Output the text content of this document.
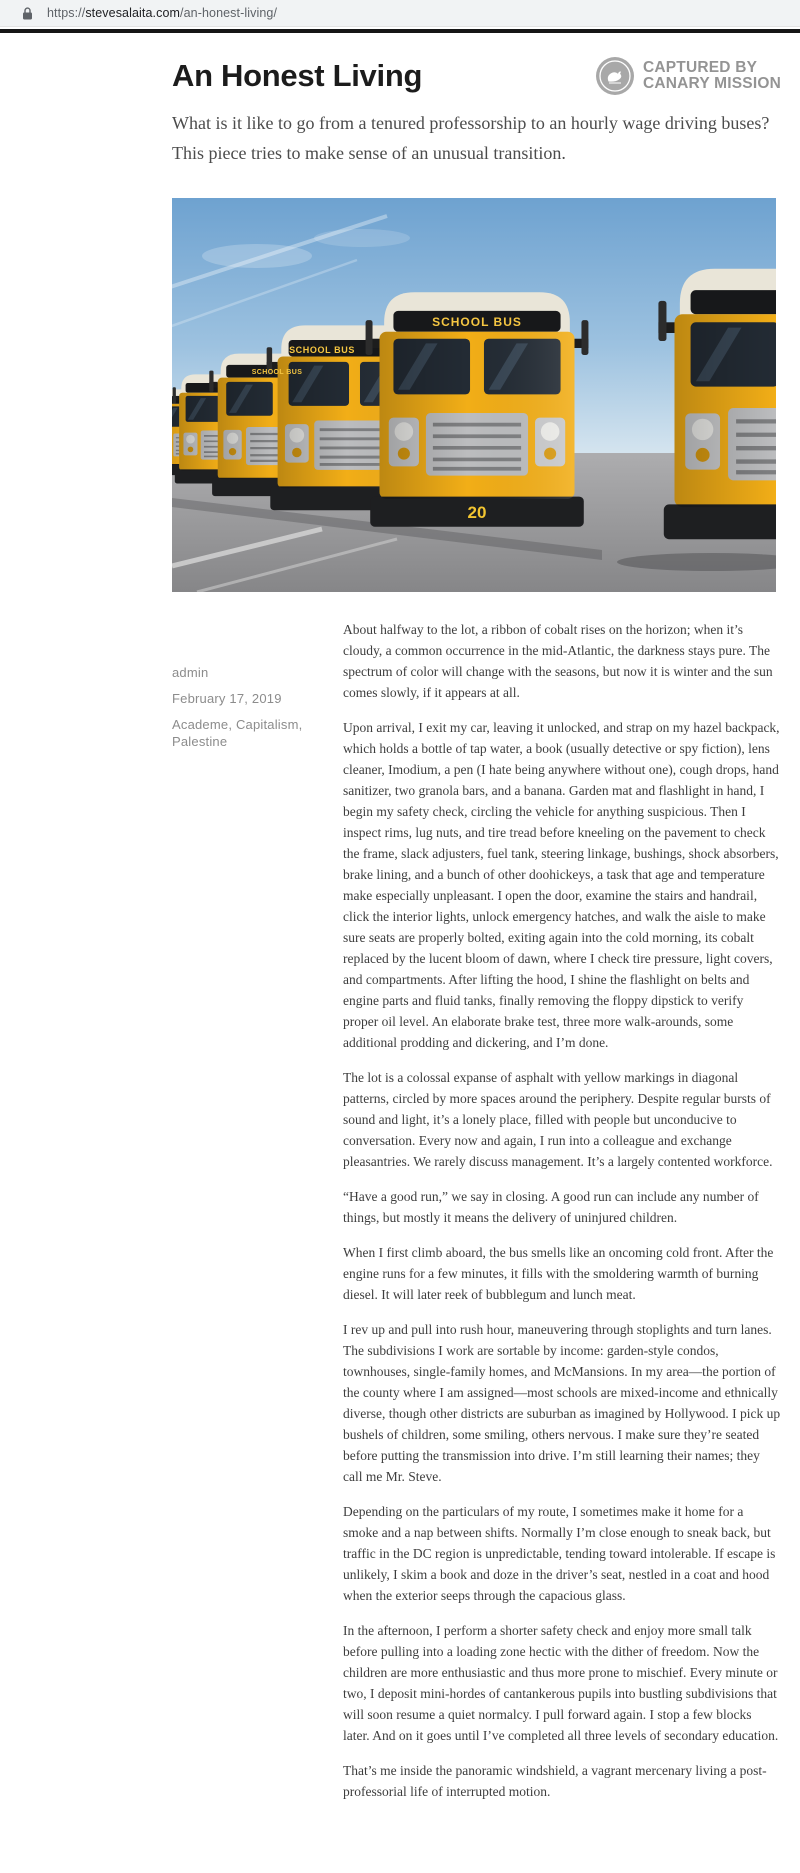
https://stevesalaita.com/an-honest-living/
An Honest Living	CAPTURED BY
CANARY MISSION
What is it like to go from a tenured professorship to an hourly wage driving buses? This piece tries to make sense of an unusual transition.
SCHOOL BUS
SCHOOL BUS
SCHOOL BUS
20
admin
February 17, 2019
Academe, Capitalism, Palestine

About halfway to the lot, a ribbon of cobalt rises on the horizon; when it’s cloudy, a common occurrence in the mid-Atlantic, the darkness stays pure. The spectrum of color will change with the seasons, but now it is winter and the sun comes slowly, if it appears at all.

Upon arrival, I exit my car, leaving it unlocked, and strap on my hazel backpack, which holds a bottle of tap water, a book (usually detective or spy fiction), lens cleaner, Imodium, a pen (I hate being anywhere without one), cough drops, hand sanitizer, two granola bars, and a banana. Garden mat and flashlight in hand, I begin my safety check, circling the vehicle for anything suspicious. Then I inspect rims, lug nuts, and tire tread before kneeling on the pavement to check the frame, slack adjusters, fuel tank, steering linkage, bushings, shock absorbers, brake lining, and a bunch of other doohickeys, a task that age and temperature make especially unpleasant. I open the door, examine the stairs and handrail, click the interior lights, unlock emergency hatches, and walk the aisle to make sure seats are properly bolted, exiting again into the cold morning, its cobalt replaced by the lucent bloom of dawn, where I check tire pressure, light covers, and compartments. After lifting the hood, I shine the flashlight on belts and engine parts and fluid tanks, finally removing the floppy dipstick to verify proper oil level. An elaborate brake test, three more walk-arounds, some additional prodding and dickering, and I’m done.

The lot is a colossal expanse of asphalt with yellow markings in diagonal patterns, circled by more spaces around the periphery. Despite regular bursts of sound and light, it’s a lonely place, filled with people but unconducive to conversation. Every now and again, I run into a colleague and exchange pleasantries. We rarely discuss management. It’s a largely contented workforce.

“Have a good run,” we say in closing. A good run can include any number of things, but mostly it means the delivery of uninjured children.

When I first climb aboard, the bus smells like an oncoming cold front. After the engine runs for a few minutes, it fills with the smoldering warmth of burning diesel. It will later reek of bubblegum and lunch meat.

I rev up and pull into rush hour, maneuvering through stoplights and turn lanes. The subdivisions I work are sortable by income: garden-style condos, townhouses, single-family homes, and McMansions. In my area—the portion of the county where I am assigned—most schools are mixed-income and ethnically diverse, though other districts are suburban as imagined by Hollywood. I pick up bushels of children, some smiling, others nervous. I make sure they’re seated before putting the transmission into drive. I’m still learning their names; they call me Mr. Steve.

Depending on the particulars of my route, I sometimes make it home for a smoke and a nap between shifts. Normally I’m close enough to sneak back, but traffic in the DC region is unpredictable, tending toward intolerable. If escape is unlikely, I skim a book and doze in the driver’s seat, nestled in a coat and hood when the exterior seeps through the capacious glass.

In the afternoon, I perform a shorter safety check and enjoy more small talk before pulling into a loading zone hectic with the dither of freedom. Now the children are more enthusiastic and thus more prone to mischief. Every minute or two, I deposit mini-hordes of cantankerous pupils into bustling subdivisions that will soon resume a quiet normalcy. I pull forward again. I stop a few blocks later. And on it goes until I’ve completed all three levels of secondary education.

That’s me inside the panoramic windshield, a vagrant mercenary living a post-professorial life of interrupted motion.
